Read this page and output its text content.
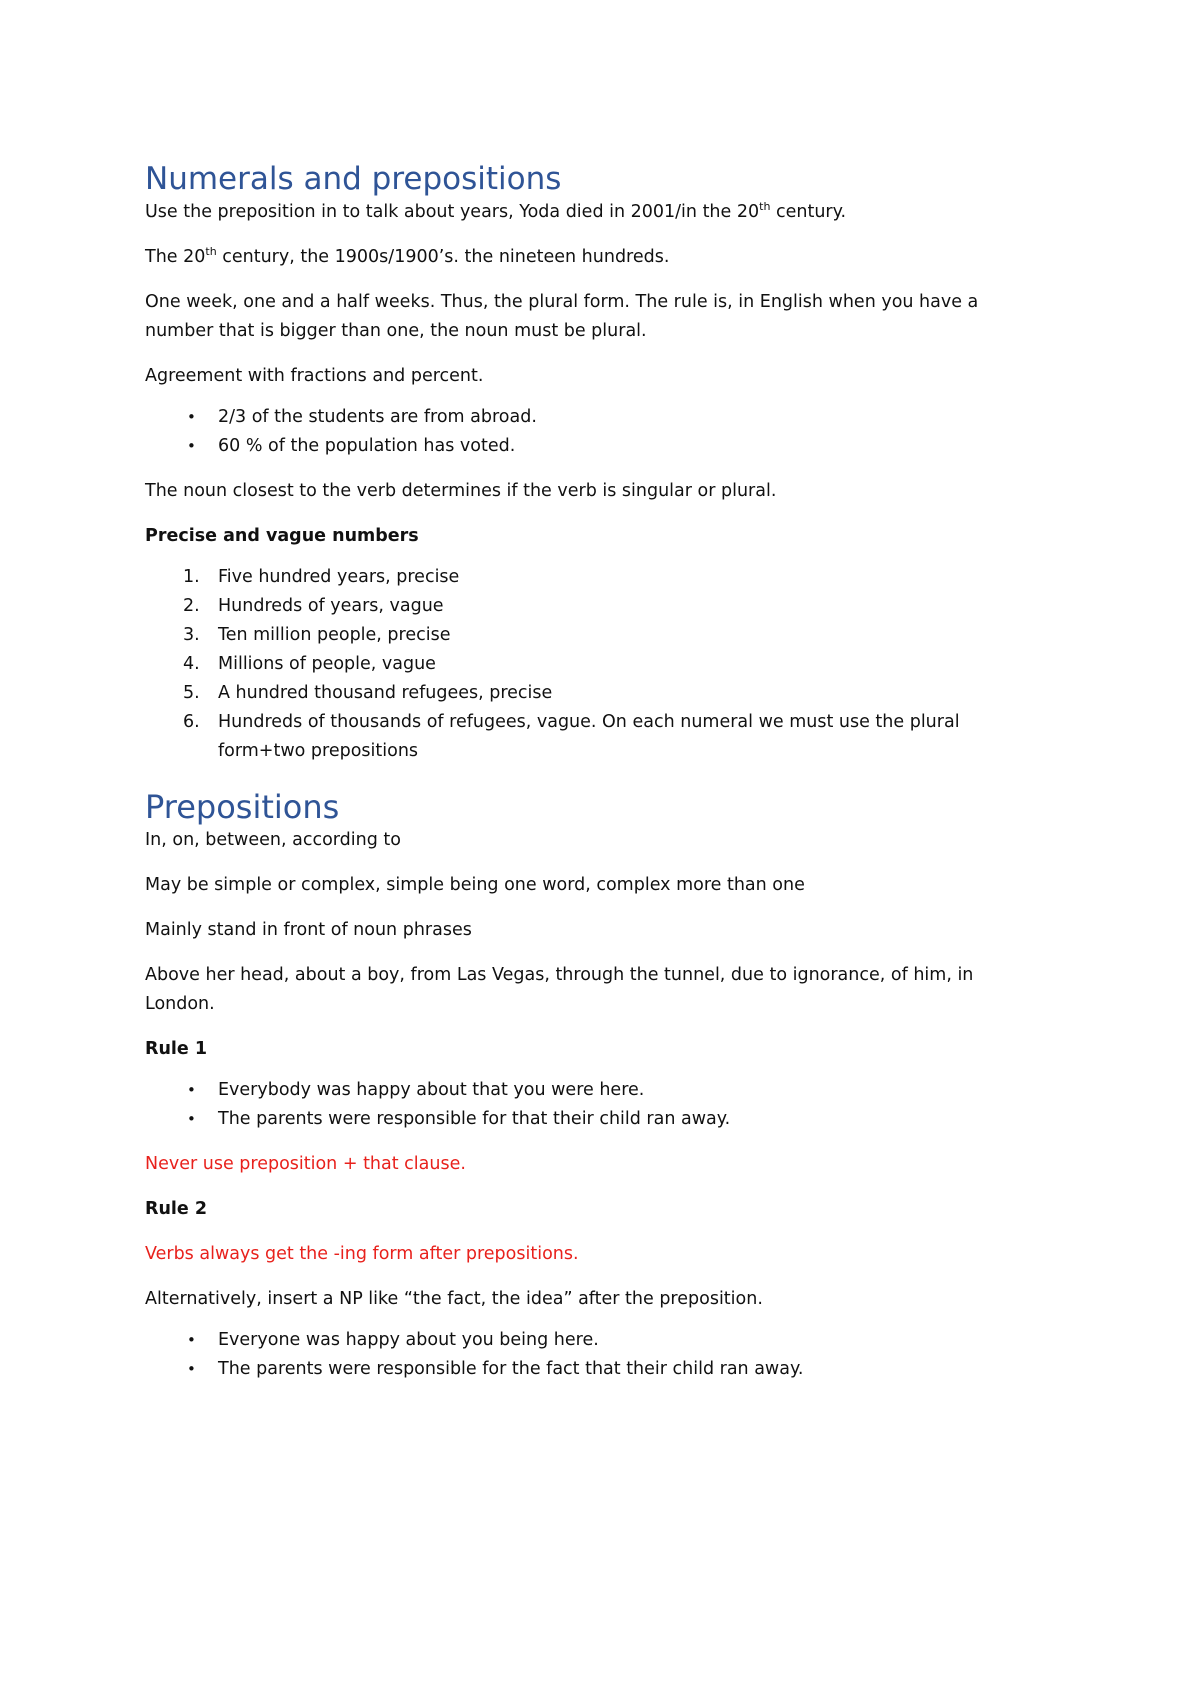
Numerals and prepositions

Use the preposition in to talk about years, Yoda died in 2001/in the 20th century.

The 20th century, the 1900s/1900’s. the nineteen hundreds.

One week, one and a half weeks. Thus, the plural form. The rule is, in English when you have a number that is bigger than one, the noun must be plural.

Agreement with fractions and percent.

• 2/3 of the students are from abroad.
• 60 % of the population has voted.

The noun closest to the verb determines if the verb is singular or plural.

Precise and vague numbers

1. Five hundred years, precise
2. Hundreds of years, vague
3. Ten million people, precise
4. Millions of people, vague
5. A hundred thousand refugees, precise
6. Hundreds of thousands of refugees, vague. On each numeral we must use the plural form+two prepositions
Prepositions

In, on, between, according to

May be simple or complex, simple being one word, complex more than one

Mainly stand in front of noun phrases

Above her head, about a boy, from Las Vegas, through the tunnel, due to ignorance, of him, in London.

Rule 1

• Everybody was happy about that you were here.
• The parents were responsible for that their child ran away.

Never use preposition + that clause.

Rule 2

Verbs always get the -ing form after prepositions.

Alternatively, insert a NP like “the fact, the idea” after the preposition.

• Everyone was happy about you being here.
• The parents were responsible for the fact that their child ran away.
